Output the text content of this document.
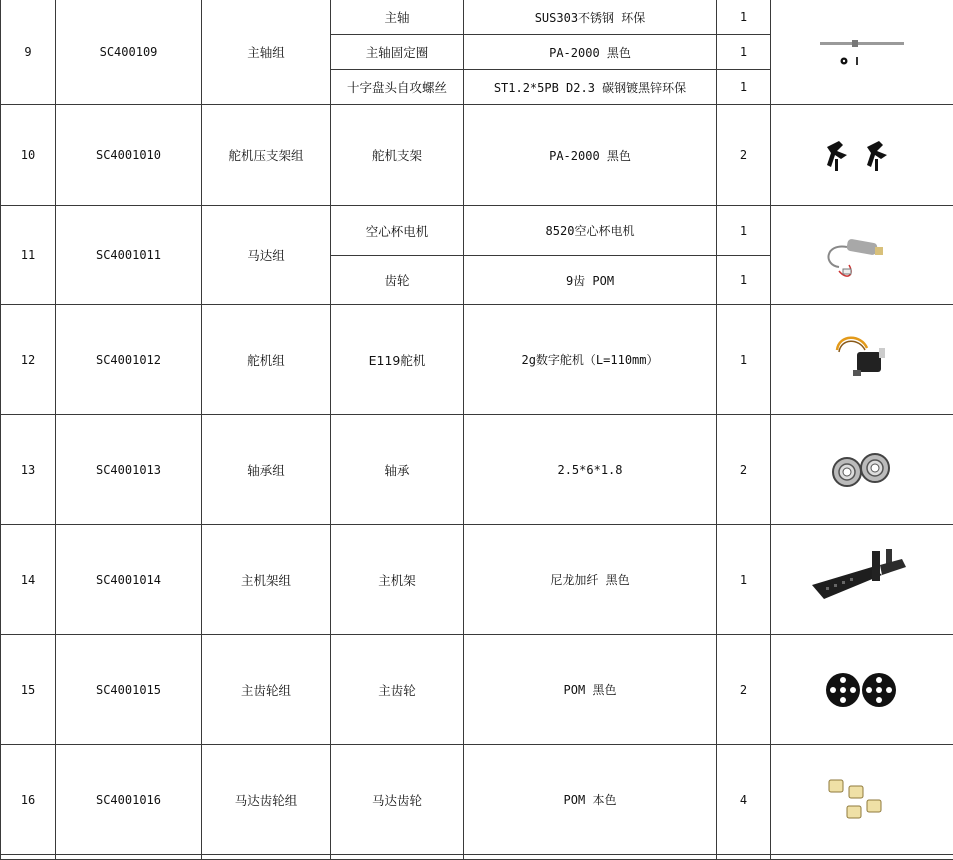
9	SC400109	主轴组	主轴	SUS303不锈钢 环保	1	

			主轴固定圈	PA-2000 黑色	1	
			十字盘头自攻螺丝	ST1.2*5PB D2.3 碳钢镀黑锌环保	1	
10	SC4001010	舵机压支架组	舵机支架	PA-2000 黑色	2	

11	SC4001011	马达组	空心杯电机	8520空心杯电机	1	

			齿轮	9齿 POM	1	
12	SC4001012	舵机组	E119舵机	2g数字舵机（L=110mm）	1	

13	SC4001013	轴承组	轴承	2.5*6*1.8	2	

14	SC4001014	主机架组	主机架	尼龙加纤 黑色	1	

15	SC4001015	主齿轮组	主齿轮	POM 黑色	2	

16	SC4001016	马达齿轮组	马达齿轮	POM 本色	4	
